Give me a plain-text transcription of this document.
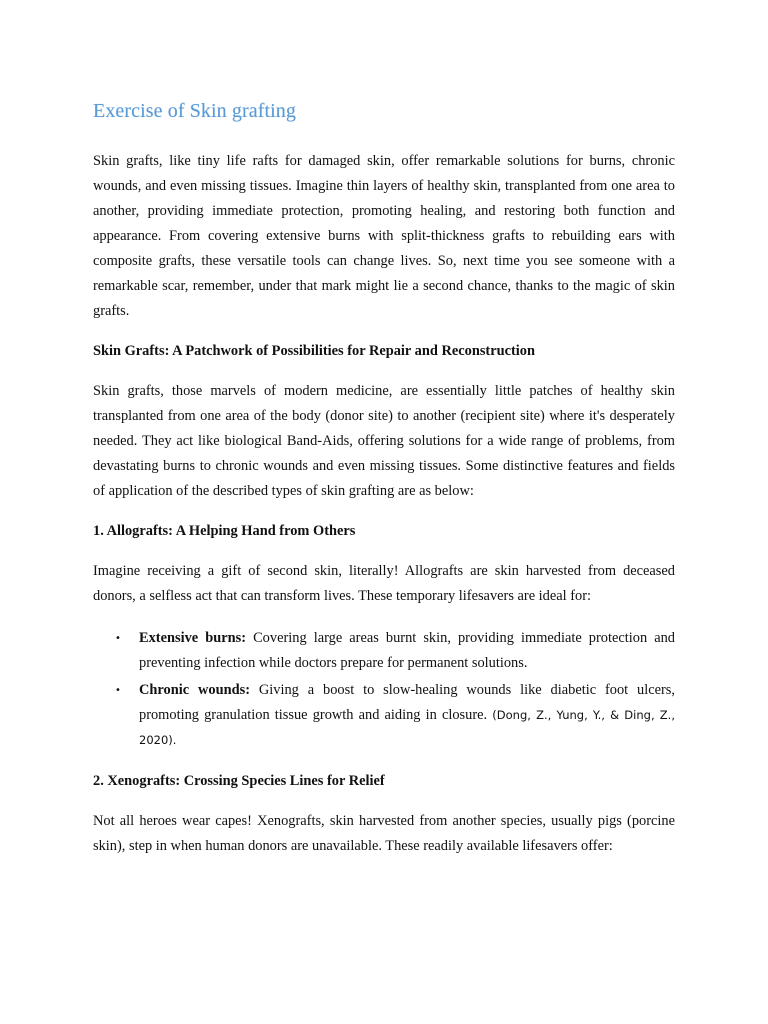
Exercise of Skin grafting

Skin grafts, like tiny life rafts for damaged skin, offer remarkable solutions for burns, chronic wounds, and even missing tissues. Imagine thin layers of healthy skin, transplanted from one area to another, providing immediate protection, promoting healing, and restoring both function and appearance. From covering extensive burns with split-thickness grafts to rebuilding ears with composite grafts, these versatile tools can change lives. So, next time you see someone with a remarkable scar, remember, under that mark might lie a second chance, thanks to the magic of skin grafts.

Skin Grafts: A Patchwork of Possibilities for Repair and Reconstruction

Skin grafts, those marvels of modern medicine, are essentially little patches of healthy skin transplanted from one area of the body (donor site) to another (recipient site) where it's desperately needed. They act like biological Band-Aids, offering solutions for a wide range of problems, from devastating burns to chronic wounds and even missing tissues. Some distinctive features and fields of application of the described types of skin grafting are as below:

1. Allografts: A Helping Hand from Others

Imagine receiving a gift of second skin, literally! Allografts are skin harvested from deceased donors, a selfless act that can transform lives. These temporary lifesavers are ideal for:

• Extensive burns: Covering large areas burnt skin, providing immediate protection and preventing infection while doctors prepare for permanent solutions.
• Chronic wounds: Giving a boost to slow-healing wounds like diabetic foot ulcers, promoting granulation tissue growth and aiding in closure. (Dong, Z., Yung, Y., & Ding, Z., 2020).
2. Xenografts: Crossing Species Lines for Relief

Not all heroes wear capes! Xenografts, skin harvested from another species, usually pigs (porcine skin), step in when human donors are unavailable. These readily available lifesavers offer:
